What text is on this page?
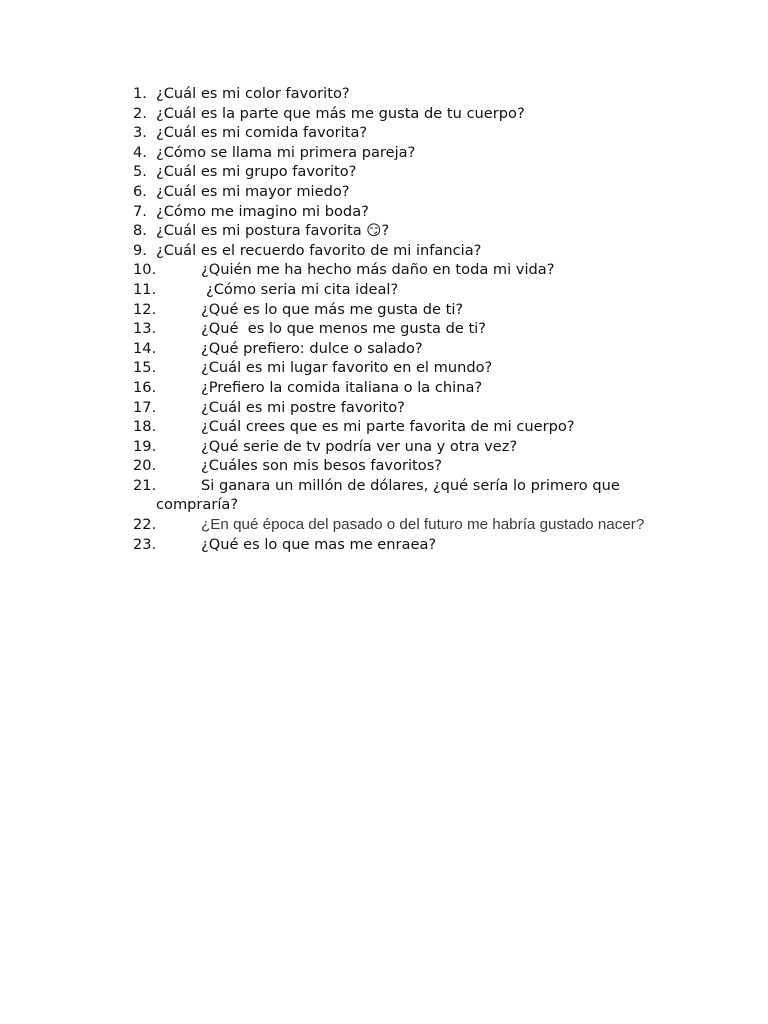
1. ¿Cuál es mi color favorito?
2. ¿Cuál es la parte que más me gusta de tu cuerpo?
3. ¿Cuál es mi comida favorita?
4. ¿Cómo se llama mi primera pareja?
5. ¿Cuál es mi grupo favorito?
6. ¿Cuál es mi mayor miedo?
7. ¿Cómo me imagino mi boda?
8. ¿Cuál es mi postura favorita 😏?
9. ¿Cuál es el recuerdo favorito de mi infancia?
10.	¿Quién me ha hecho más daño en toda mi vida?
11.	¿Cómo seria mi cita ideal?
12.	¿Qué es lo que más me gusta de ti?
13.	¿Qué  es lo que menos me gusta de ti?
14.	¿Qué prefiero: dulce o salado?
15.	¿Cuál es mi lugar favorito en el mundo?
16.	¿Prefiero la comida italiana o la china?
17.	¿Cuál es mi postre favorito?
18.	¿Cuál crees que es mi parte favorita de mi cuerpo?
19.	¿Qué serie de tv podría ver una y otra vez?
20.	¿Cuáles son mis besos favoritos?
21.	Si ganara un millón de dólares, ¿qué sería lo primero que compraría?
22.	¿En qué época del pasado o del futuro me habría gustado nacer?
23.	¿Qué es lo que mas me enraea?
